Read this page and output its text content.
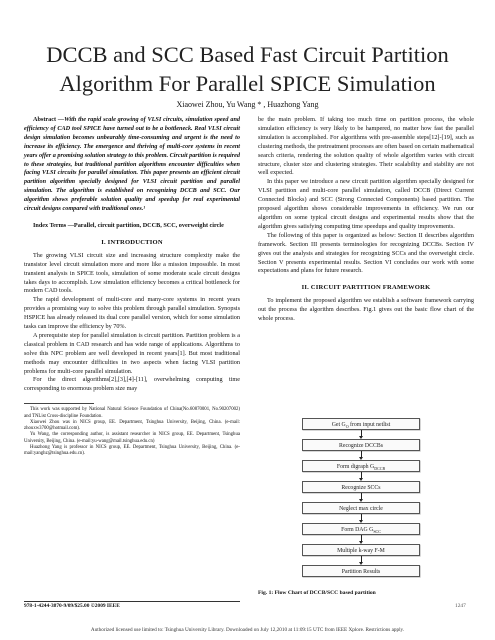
DCCB and SCC Based Fast Circuit Partition
Algorithm For Parallel SPICE Simulation
Xiaowei Zhou, Yu Wang * , Huazhong Yang

Abstract —With the rapid scale growing of VLSI circuits, simulation speed and efficiency of CAD tool SPICE have turned out to be a bottleneck. Real VLSI circuit design simulation becomes unbearably time-consuming and urgent is the need to increase its efficiency. The emergence and thriving of multi-core systems in recent years offer a promising solution strategy to this problem. Circuit partition is required to these strategies, but traditional partition algorithms encounter difficulties when facing VLSI circuits for parallel simulation. This paper presents an efficient circuit partition algorithm specially designed for VLSI circuit partition and parallel simulation. The algorithm is established on recognizing DCCB and SCC. Our algorithm shows preferable solution quality and speedup for real experimental circuit designs compared with traditional ones.¹

Index Terms —Parallel, circuit partition, DCCB, SCC, overweight circle

I. INTRODUCTION

The growing VLSI circuit size and increasing structure complexity make the transistor level circuit simulation more and more like a mission impossible. In most transient analysis in SPICE tools, simulation of some moderate scale circuit designs takes days to accomplish. Low simulation efficiency becomes a critical bottleneck for modern CAD tools.

The rapid development of multi-core and many-core systems in recent years provides a promising way to solve this problem through parallel simulation. Synopsis HSPICE has already released its dual core parallel version, which for some simulation tasks can improve the efficiency by 70%.

A prerequisite step for parallel simulation is circuit partition. Partition problem is a classical problem in CAD research and has wide range of applications. Algorithms to solve this NPC problem are well developed in recent years[1]. But most traditional methods may encounter difficulties in two aspects when facing VLSI partition problems for multi-core parallel simulation.

For the direct algorithms[2],[3],[4]-[11], overwhelming computing time corresponding to enormous problem size may

This work was supported by National Natural Science Foundation of China(No.60870001, No.90207002) and TNList Cross-discipline Foundation.

Xiaowei Zhou was in NICS group, EE. Department, Tsinghua University, Beijing, China. (e-mail: zhouxw3700@hotmail.com).

Yu Wang, the corresponding author, is assistant researcher in NICS group, EE. Department, Tsinghua University, Beijing, China. (e-mail:yu-wang@mail.tsinghua.edu.cn)

Huazhong Yang is professor in NICS group, EE. Department, Tsinghua University, Beijing, China. (e-mail:yanghz@tsinghua.edu.cn).

be the main problem. If taking too much time on partition process, the whole simulation efficiency is very likely to be hampered, no matter how fast the parallel simulation is accomplished. For algorithms with pre-assemble steps[12]-[19], such as clustering methods, the pretreatment processes are often based on certain mathematical search criteria, rendering the solution quality of whole algorithm varies with circuit structure, cluster size and clustering strategies. Their scalability and stability are not well expected.

In this paper we introduce a new circuit partition algorithm specially designed for VLSI partition and multi-core parallel simulation, called DCCB (Direct Current Connected Blocks) and SCC (Strong Connected Components) based partition. The proposed algorithm shows considerable improvements in efficiency. We run our algorithm on some typical circuit designs and experimental results show that the algorithm gives satisfying computing time speedups and quality improvements.

The following of this paper is organized as below: Section II describes algorithm framework. Section III presents terminologies for recognizing DCCBs. Section IV gives out the analysis and strategies for recognizing SCCs and the overweight circle. Section V presents experimental results. Section VI concludes our work with some expectations and plans for future research.

II. CIRCUIT PARTITION FRAMEWORK

To implement the proposed algorithm we establish a software framework carrying out the process the algorithm describes. Fig.1 gives out the basic flow chart of the whole process.

Get $G_O$ from input netlist
Recognize DCCBs
Form digraph $G_{DCCB}$
Recognize SCCs
Neglect max circle
Form DAG $G_{SCC}$
Multiple k-way F-M
Partition Results
Fig. 1: Flow Chart of DCCB/SCC based partition
978-1-4244-3870-9/09/$25.00 ©2009 IEEE	1247
Authorized licensed use limited to: Tsinghua University Library. Downloaded on July 12,2010 at 11:09:15 UTC from IEEE Xplore. Restrictions apply.
